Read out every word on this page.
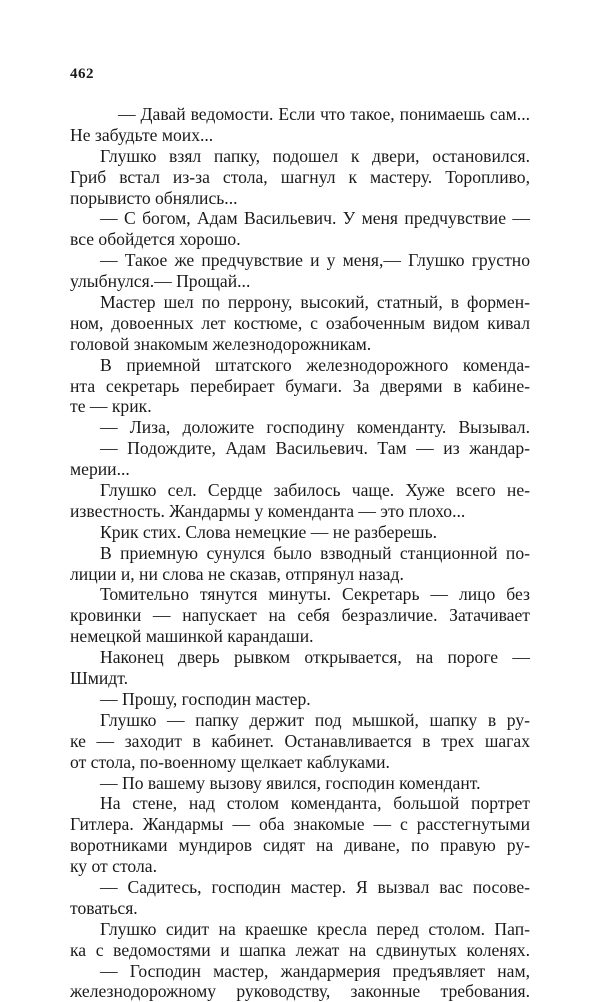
462
— Давай ведомости. Если что такое, понимаешь сам...
Не забудьте моих...
Глушко взял папку, подошел к двери, остановился.
Гриб встал из-за стола, шагнул к мастеру. Торопливо,
порывисто обнялись...
— С богом, Адам Васильевич. У меня предчувствие —
все обойдется хорошо.
— Такое же предчувствие и у меня,— Глушко грустно
улыбнулся.— Прощай...
Мастер шел по перрону, высокий, статный, в формен-
ном, довоенных лет костюме, с озабоченным видом кивал
головой знакомым железнодорожникам.
В приемной штатского железнодорожного коменда-
нта секретарь перебирает бумаги. За дверями в кабине-
те — крик.
— Лиза, доложите господину коменданту. Вызывал.
— Подождите, Адам Васильевич. Там — из жандар-
мерии...
Глушко сел. Сердце забилось чаще. Хуже всего не-
известность. Жандармы у коменданта — это плохо...
Крик стих. Слова немецкие — не разберешь.
В приемную сунулся было взводный станционной по-
лиции и, ни слова не сказав, отпрянул назад.
Томительно тянутся минуты. Секретарь — лицо без
кровинки — напускает на себя безразличие. Затачивает
немецкой машинкой карандаши.
Наконец дверь рывком открывается, на пороге —
Шмидт.
— Прошу, господин мастер.
Глушко — папку держит под мышкой, шапку в ру-
ке — заходит в кабинет. Останавливается в трех шагах
от стола, по-военному щелкает каблуками.
— По вашему вызову явился, господин комендант.
На стене, над столом коменданта, большой портрет
Гитлера. Жандармы — оба знакомые — с расстегнутыми
воротниками мундиров сидят на диване, по правую ру-
ку от стола.
— Садитесь, господин мастер. Я вызвал вас посове-
товаться.
Глушко сидит на краешке кресла перед столом. Пап-
ка с ведомостями и шапка лежат на сдвинутых коленях.
— Господин мастер, жандармерия предъявляет нам,
железнодорожному руководству, законные требования.
